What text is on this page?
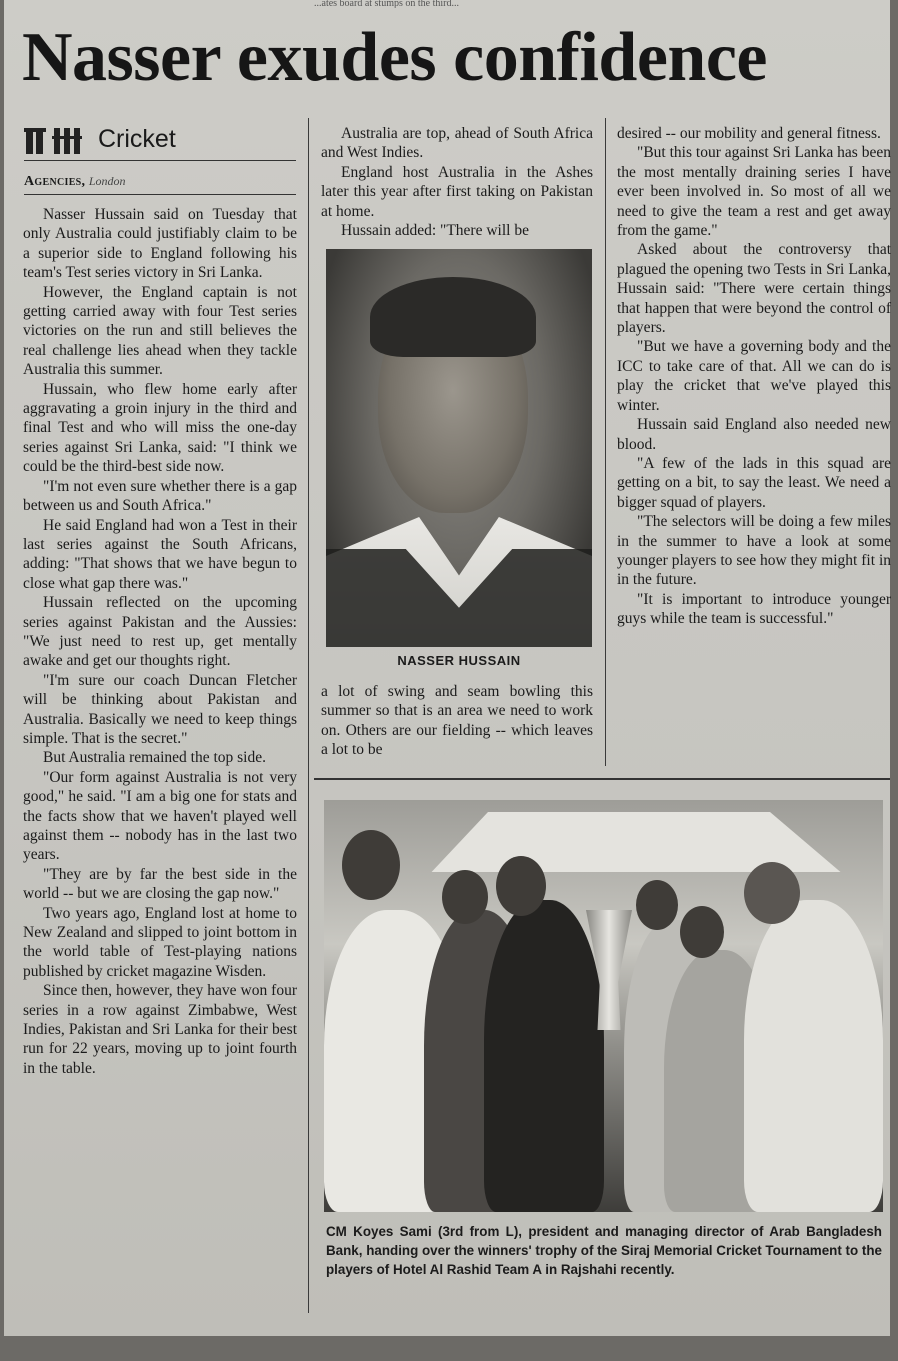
...ates board at stumps on the third...
Nasser exudes confidence
Cricket
Agencies, London

Nasser Hussain said on Tuesday that only Australia could justifiably claim to be a superior side to England following his team's Test series victory in Sri Lanka.

However, the England captain is not getting carried away with four Test series victories on the run and still believes the real challenge lies ahead when they tackle Australia this summer.

Hussain, who flew home early after aggravating a groin injury in the third and final Test and who will miss the one-day series against Sri Lanka, said: "I think we could be the third-best side now.

"I'm not even sure whether there is a gap between us and South Africa."

He said England had won a Test in their last series against the South Africans, adding: "That shows that we have begun to close what gap there was."

Hussain reflected on the upcoming series against Pakistan and the Aussies: "We just need to rest up, get mentally awake and get our thoughts right.

"I'm sure our coach Duncan Fletcher will be thinking about Pakistan and Australia. Basically we need to keep things simple. That is the secret."

But Australia remained the top side.

"Our form against Australia is not very good," he said. "I am a big one for stats and the facts show that we haven't played well against them -- nobody has in the last two years.

"They are by far the best side in the world -- but we are closing the gap now."

Two years ago, England lost at home to New Zealand and slipped to joint bottom in the world table of Test-playing nations published by cricket magazine Wisden.

Since then, however, they have won four series in a row against Zimbabwe, West Indies, Pakistan and Sri Lanka for their best run for 22 years, moving up to joint fourth in the table.

Australia are top, ahead of South Africa and West Indies.

England host Australia in the Ashes later this year after first taking on Pakistan at home.

Hussain added: "There will be

NASSER HUSSAIN

a lot of swing and seam bowling this summer so that is an area we need to work on. Others are our fielding -- which leaves a lot to be

desired -- our mobility and general fitness.

"But this tour against Sri Lanka has been the most mentally draining series I have ever been involved in. So most of all we need to give the team a rest and get away from the game."

Asked about the controversy that plagued the opening two Tests in Sri Lanka, Hussain said: "There were certain things that happen that were beyond the control of players.

"But we have a governing body and the ICC to take care of that. All we can do is play the cricket that we've played this winter.

Hussain said England also needed new blood.

"A few of the lads in this squad are getting on a bit, to say the least. We need a bigger squad of players.

"The selectors will be doing a few miles in the summer to have a look at some younger players to see how they might fit in in the future.

"It is important to introduce younger guys while the team is successful."

CM Koyes Sami (3rd from L), president and managing director of Arab Bangladesh Bank, handing over the winners' trophy of the Siraj Memorial Cricket Tournament to the players of Hotel Al Rashid Team A in Rajshahi recently.
